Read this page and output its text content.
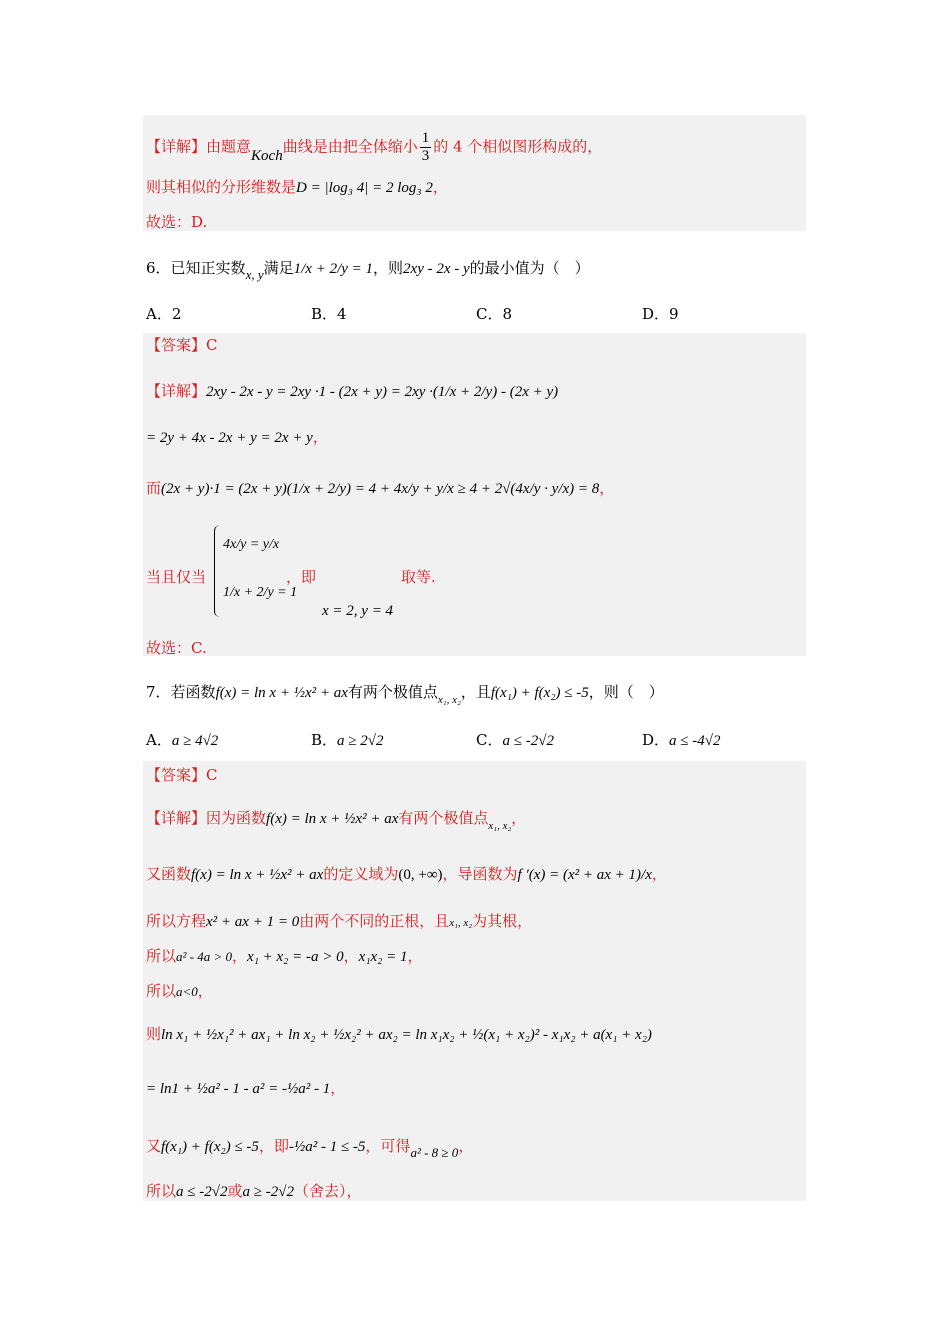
【详解】由题意Koch曲线是由把全体缩小 $\frac{1}{3}$ 的 4 个相似图形构成的，
则其相似的分形维数是D = |log₃ 4| = 2 log₃ 2，
故选：D.
6．已知正实数x, y满足1/x + 2/y = 1，则2xy - 2x - y的最小值为（　）
A．2	B．4	C．8	D．9
【答案】C
【详解】2xy - 2x - y = 2xy ·1 - (2x + y) = 2xy ·(1/x + 2/y) - (2x + y)
= 2y + 4x - 2x + y = 2x + y，
而(2x + y)·1 = (2x + y)(1/x + 2/y) = 4 + 4x/y + y/x ≥ 4 + 2√(4x/y · y/x) = 8，
当且仅当
4x/y = y/x
1/x + 2/y = 1
，即	取等.
x = 2, y = 4
故选：C.
7．若函数f(x) = ln x + ½x² + ax有两个极值点$_{x_1, x_2}$，且f(x₁) + f(x₂) ≤ -5，则（　）
A．a ≥ 4√2	B．a ≥ 2√2	C．a ≤ -2√2	D．a ≤ -4√2
【答案】C
【详解】因为函数f(x) = ln x + ½x² + ax有两个极值点$_{x_1, x_2}$，
又函数f(x) = ln x + ½x² + ax的定义域为(0, +∞)，导函数为f ′(x) = (x² + ax + 1)/x，
所以方程x² + ax + 1 = 0由两个不同的正根，且x₁, x₂为其根，
所以a² - 4a > 0，x₁ + x₂ = -a > 0，x₁x₂ = 1，
所以a<0，
则ln x₁ + ½x₁² + ax₁ + ln x₂ + ½x₂² + ax₂ = ln x₁x₂ + ½(x₁ + x₂)² - x₁x₂ + a(x₁ + x₂)
= ln1 + ½a² - 1 - a² = -½a² - 1，
又f(x₁) + f(x₂) ≤ -5，即-½a² - 1 ≤ -5，可得a² - 8 ≥ 0，
所以a ≤ -2√2或a ≥ -2√2（舍去），
